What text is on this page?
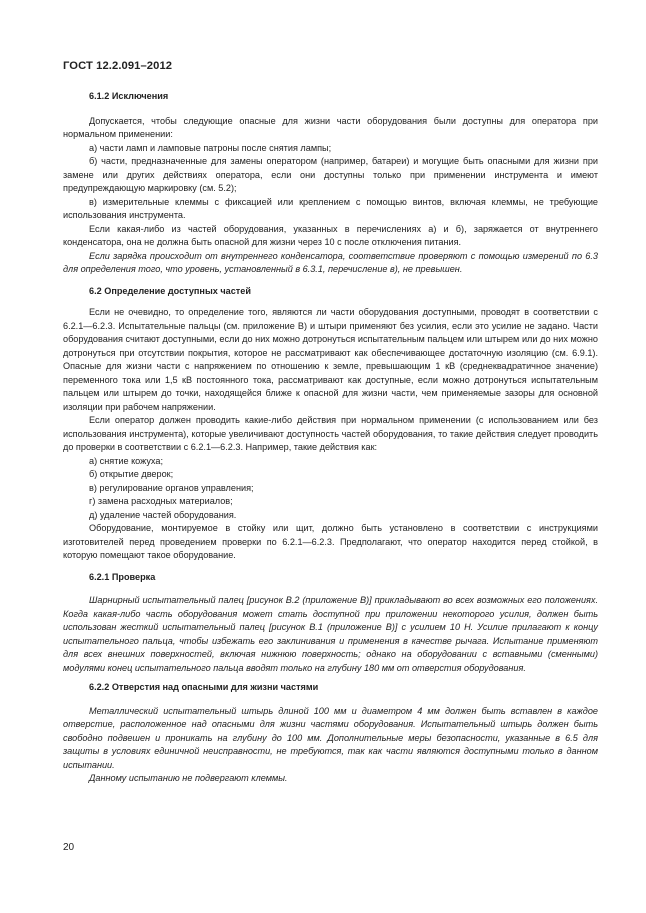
ГОСТ 12.2.091–2012

6.1.2 Исключения

Допускается, чтобы следующие опасные для жизни части оборудования были доступны для оператора при нормальном применении:

а) части ламп и ламповые патроны после снятия лампы;

б) части, предназначенные для замены оператором (например, батареи) и могущие быть опасными для жизни при замене или других действиях оператора, если они доступны только при применении инструмента и имеют предупреждающую маркировку (см. 5.2);

в) измерительные клеммы с фиксацией или креплением с помощью винтов, включая клеммы, не требующие использования инструмента.

Если какая-либо из частей оборудования, указанных в перечислениях а) и б), заряжается от внутреннего конденсатора, она не должна быть опасной для жизни через 10 с после отключения питания.

Если зарядка происходит от внутреннего конденсатора, соответствие проверяют с помощью измерений по 6.3 для определения того, что уровень, установленный в 6.3.1, перечисление в), не превышен.

6.2 Определение доступных частей

Если не очевидно, то определение того, являются ли части оборудования доступными, проводят в соответствии с 6.2.1—6.2.3. Испытательные пальцы (см. приложение В) и штыри применяют без усилия, если это усилие не задано. Части оборудования считают доступными, если до них можно дотронуться испытательным пальцем или штырем или до них можно дотронуться при отсутствии покрытия, которое не рассматривают как обеспечивающее достаточную изоляцию (см. 6.9.1). Опасные для жизни части с напряжением по отношению к земле, превышающим 1 кВ (среднеквадратичное значение) переменного тока или 1,5 кВ постоянного тока, рассматривают как доступные, если можно дотронуться испытательным пальцем или штырем до точки, находящейся ближе к опасной для жизни части, чем применяемые зазоры для основной изоляции при рабочем напряжении.

Если оператор должен проводить какие-либо действия при нормальном применении (с использованием или без использования инструмента), которые увеличивают доступность частей оборудования, то такие действия следует проводить до проверки в соответствии с 6.2.1—6.2.3. Например, такие действия как:

а) снятие кожуха;

б) открытие дверок;

в) регулирование органов управления;

г) замена расходных материалов;

д) удаление частей оборудования.

Оборудование, монтируемое в стойку или щит, должно быть установлено в соответствии с инструкциями изготовителей перед проведением проверки по 6.2.1—6.2.3. Предполагают, что оператор находится перед стойкой, в которую помещают такое оборудование.

6.2.1 Проверка

Шарнирный испытательный палец [рисунок В.2 (приложение В)] прикладывают во всех возможных его положениях. Когда какая-либо часть оборудования может стать доступной при приложении некоторого усилия, должен быть использован жесткий испытательный палец [рисунок В.1 (приложение В)] с усилием 10 Н. Усилие прилагают к концу испытательного пальца, чтобы избежать его заклинивания и применения в качестве рычага. Испытание применяют для всех внешних поверхностей, включая нижнюю поверхность; однако на оборудовании с вставными (сменными) модулями конец испытательного пальца вводят только на глубину 180 мм от отверстия оборудования.

6.2.2 Отверстия над опасными для жизни частями

Металлический испытательный штырь длиной 100 мм и диаметром 4 мм должен быть вставлен в каждое отверстие, расположенное над опасными для жизни частями оборудования. Испытательный штырь должен быть свободно подвешен и проникать на глубину до 100 мм. Дополнительные меры безопасности, указанные в 6.5 для защиты в условиях единичной неисправности, не требуются, так как части являются доступными только в данном испытании.

Данному испытанию не подвергают клеммы.

20
